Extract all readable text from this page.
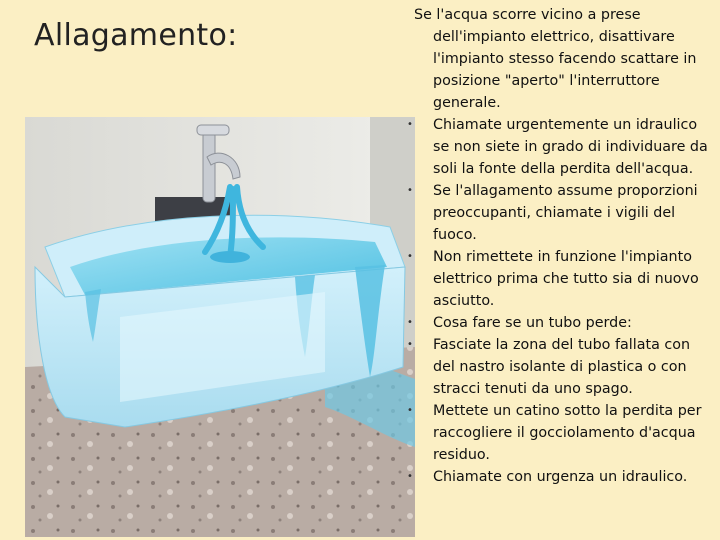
Allagamento:
Se l'acqua scorre vicino a prese
dell'impianto elettrico, disattivare l'impianto stesso facendo scattare in posizione "aperto" l'interruttore generale.
• Chiamate urgentemente un idraulico se non siete in grado di individuare da soli la fonte della perdita dell'acqua.
• Se l'allagamento assume proporzioni preoccupanti, chiamate i vigili del fuoco.
• Non rimettete in funzione l'impianto elettrico prima che tutto sia di nuovo asciutto.
• Cosa fare se un tubo perde:
• Fasciate la zona del tubo fallata con del nastro isolante di plastica o con stracci tenuti da uno spago.
• Mettete un catino sotto la perdita per raccogliere il gocciolamento d'acqua residuo.
• Chiamate con urgenza un idraulico.
